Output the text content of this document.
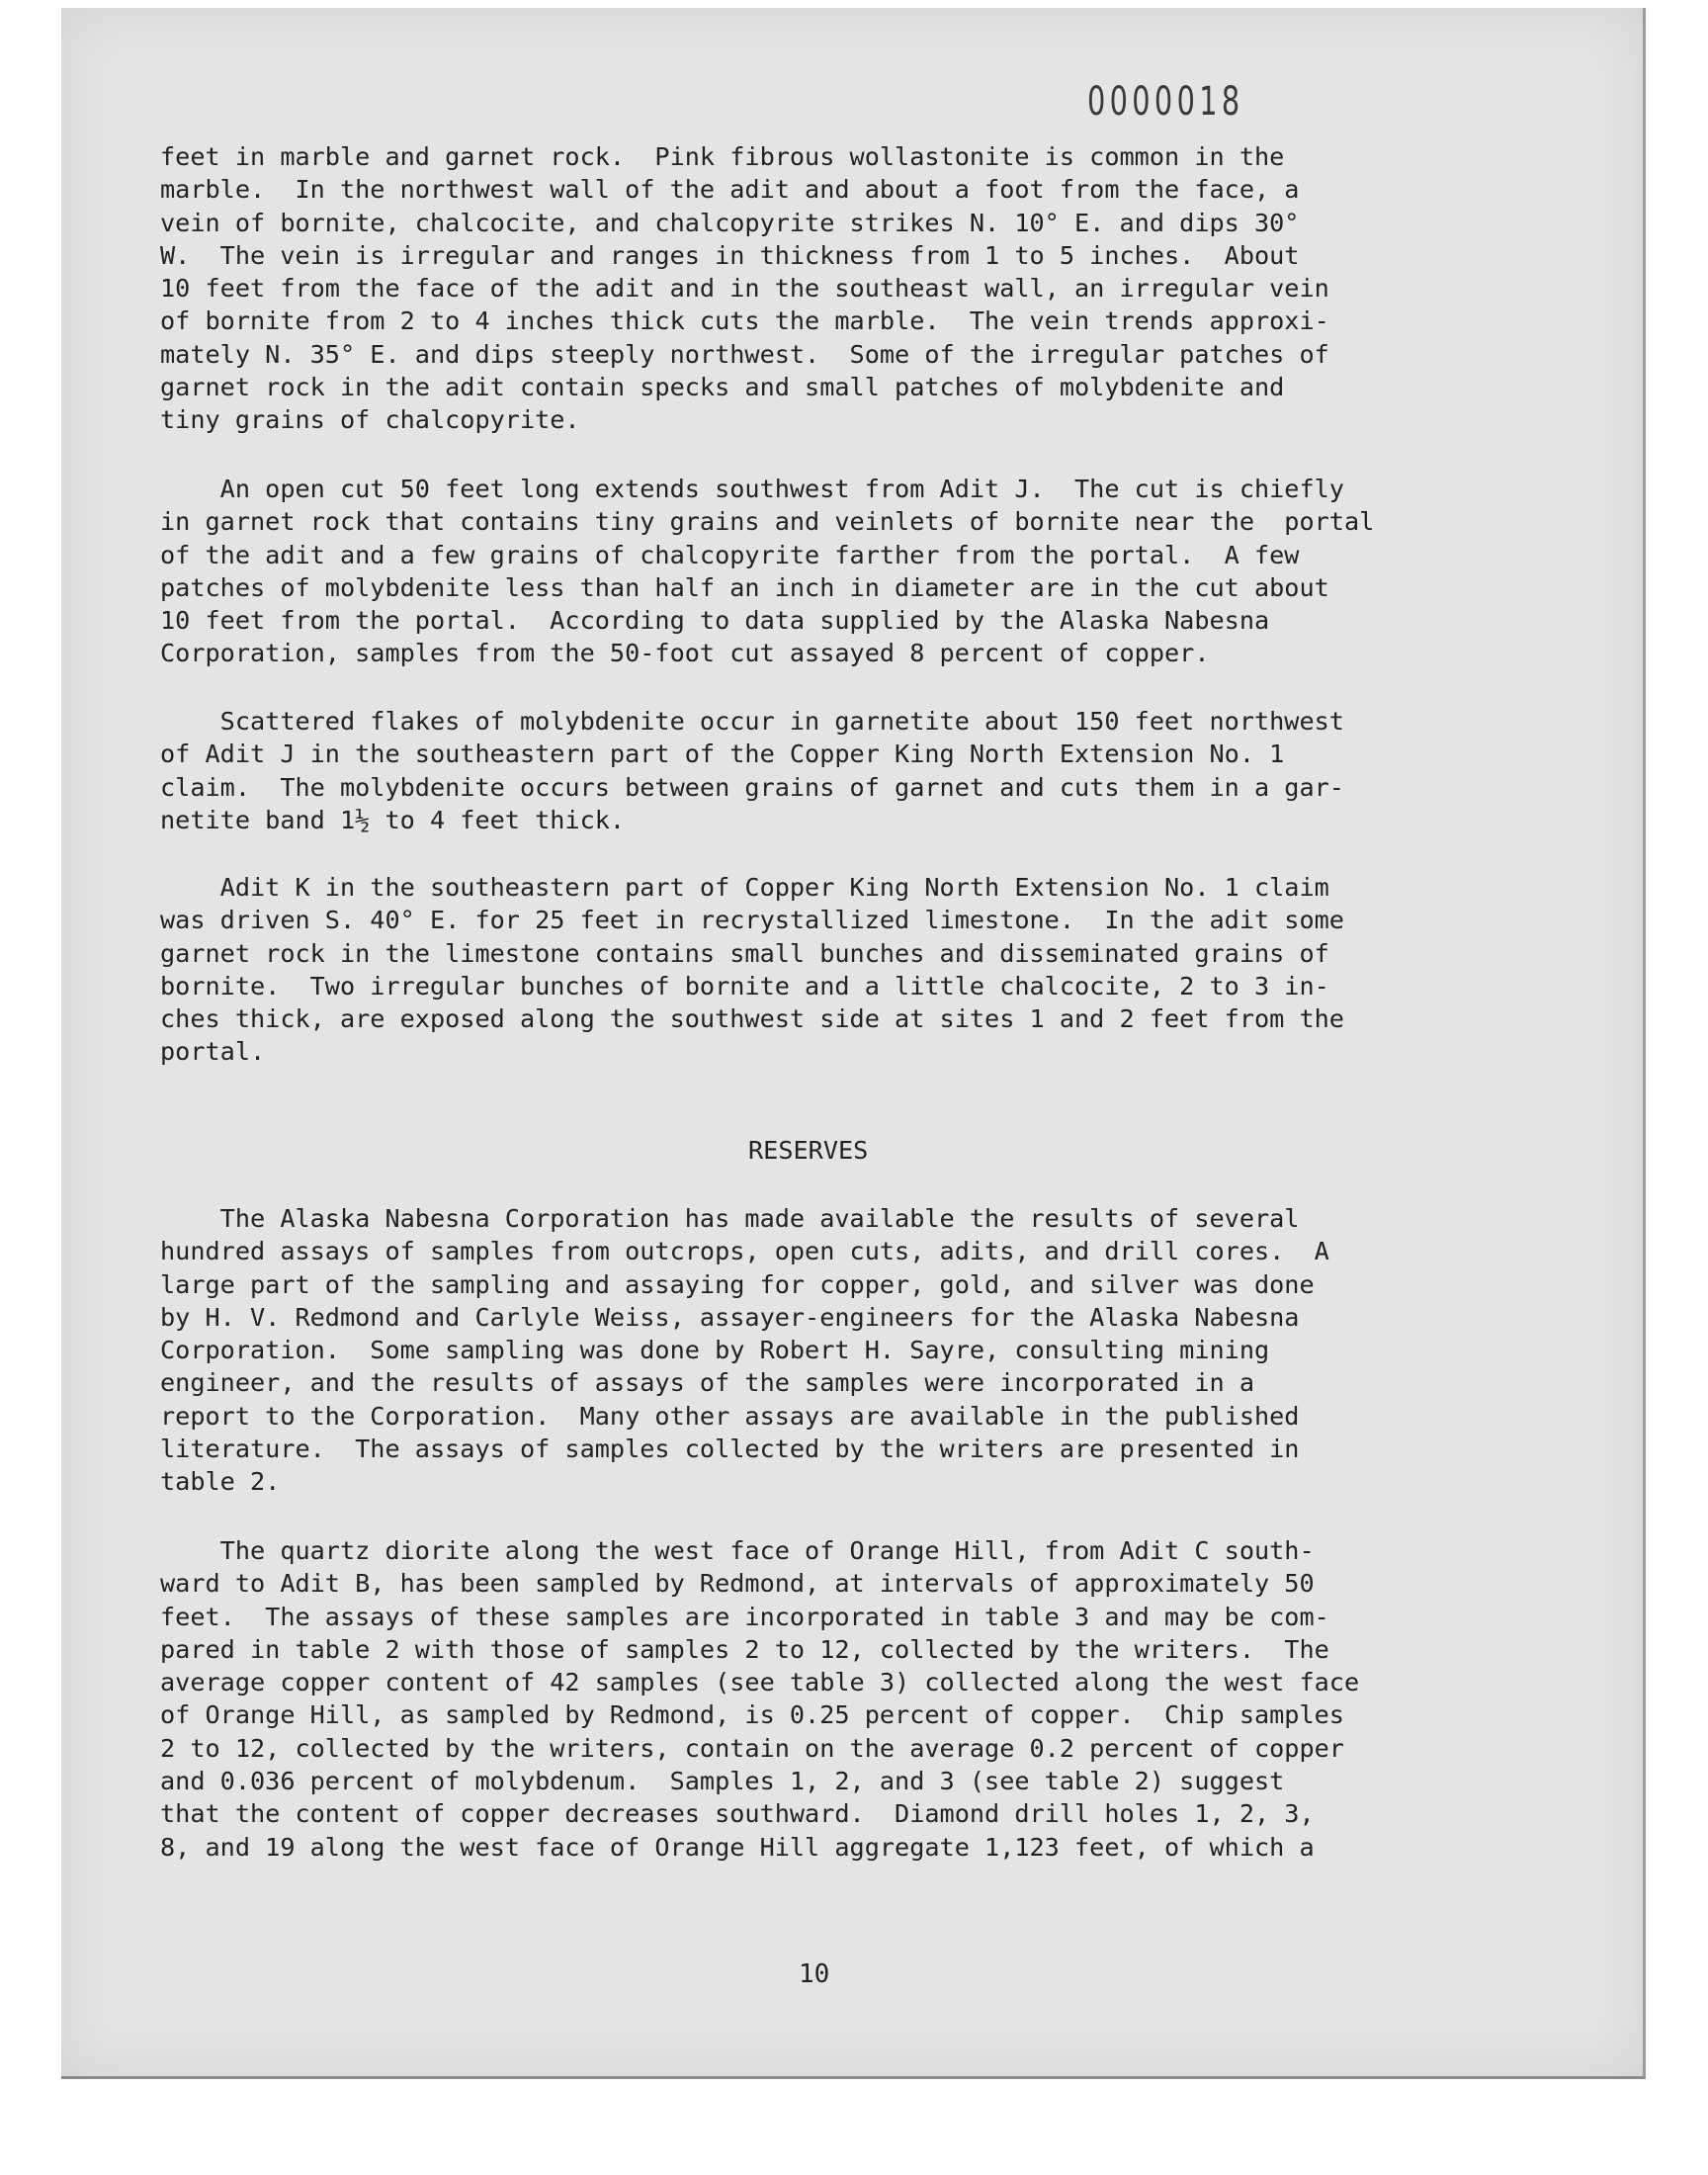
0000018
feet in marble and garnet rock.  Pink fibrous wollastonite is common in the
marble.  In the northwest wall of the adit and about a foot from the face, a
vein of bornite, chalcocite, and chalcopyrite strikes N. 10° E. and dips 30°
W.  The vein is irregular and ranges in thickness from 1 to 5 inches.  About
10 feet from the face of the adit and in the southeast wall, an irregular vein
of bornite from 2 to 4 inches thick cuts the marble.  The vein trends approxi-
mately N. 35° E. and dips steeply northwest.  Some of the irregular patches of
garnet rock in the adit contain specks and small patches of molybdenite and
tiny grains of chalcopyrite.
An open cut 50 feet long extends southwest from Adit J.  The cut is chiefly
in garnet rock that contains tiny grains and veinlets of bornite near the  portal
of the adit and a few grains of chalcopyrite farther from the portal.  A few
patches of molybdenite less than half an inch in diameter are in the cut about
10 feet from the portal.  According to data supplied by the Alaska Nabesna
Corporation, samples from the 50-foot cut assayed 8 percent of copper.
Scattered flakes of molybdenite occur in garnetite about 150 feet northwest
of Adit J in the southeastern part of the Copper King North Extension No. 1
claim.  The molybdenite occurs between grains of garnet and cuts them in a gar-
netite band 1½ to 4 feet thick.
Adit K in the southeastern part of Copper King North Extension No. 1 claim
was driven S. 40° E. for 25 feet in recrystallized limestone.  In the adit some
garnet rock in the limestone contains small bunches and disseminated grains of
bornite.  Two irregular bunches of bornite and a little chalcocite, 2 to 3 in-
ches thick, are exposed along the southwest side at sites 1 and 2 feet from the
portal.
RESERVES
The Alaska Nabesna Corporation has made available the results of several
hundred assays of samples from outcrops, open cuts, adits, and drill cores.  A
large part of the sampling and assaying for copper, gold, and silver was done
by H. V. Redmond and Carlyle Weiss, assayer-engineers for the Alaska Nabesna
Corporation.  Some sampling was done by Robert H. Sayre, consulting mining
engineer, and the results of assays of the samples were incorporated in a
report to the Corporation.  Many other assays are available in the published
literature.  The assays of samples collected by the writers are presented in
table 2.
The quartz diorite along the west face of Orange Hill, from Adit C south-
ward to Adit B, has been sampled by Redmond, at intervals of approximately 50
feet.  The assays of these samples are incorporated in table 3 and may be com-
pared in table 2 with those of samples 2 to 12, collected by the writers.  The
average copper content of 42 samples (see table 3) collected along the west face
of Orange Hill, as sampled by Redmond, is 0.25 percent of copper.  Chip samples
2 to 12, collected by the writers, contain on the average 0.2 percent of copper
and 0.036 percent of molybdenum.  Samples 1, 2, and 3 (see table 2) suggest
that the content of copper decreases southward.  Diamond drill holes 1, 2, 3,
8, and 19 along the west face of Orange Hill aggregate 1,123 feet, of which a
10
